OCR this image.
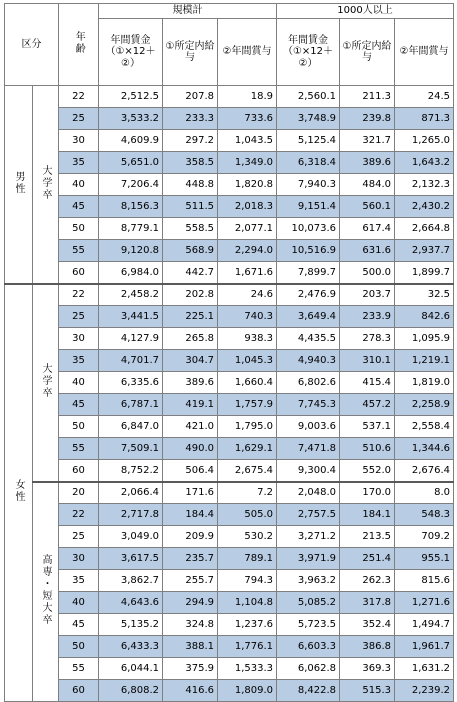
区分		年齢	規模計			1000人以上		
			年間賃金（①×12＋②）	①所定内給与	②年間賞与	年間賃金（①×12＋②）	①所定内給与	②年間賞与
男性	大学卒	22	2,512.5	207.8	18.9	2,560.1	211.3	24.5
		25	3,533.2	233.3	733.6	3,748.9	239.8	871.3
		30	4,609.9	297.2	1,043.5	5,125.4	321.7	1,265.0
		35	5,651.0	358.5	1,349.0	6,318.4	389.6	1,643.2
		40	7,206.4	448.8	1,820.8	7,940.3	484.0	2,132.3
		45	8,156.3	511.5	2,018.3	9,151.4	560.1	2,430.2
		50	8,779.1	558.5	2,077.1	10,073.6	617.4	2,664.8
		55	9,120.8	568.9	2,294.0	10,516.9	631.6	2,937.7
		60	6,984.0	442.7	1,671.6	7,899.7	500.0	1,899.7
女性	大学卒	22	2,458.2	202.8	24.6	2,476.9	203.7	32.5
		25	3,441.5	225.1	740.3	3,649.4	233.9	842.6
		30	4,127.9	265.8	938.3	4,435.5	278.3	1,095.9
		35	4,701.7	304.7	1,045.3	4,940.3	310.1	1,219.1
		40	6,335.6	389.6	1,660.4	6,802.6	415.4	1,819.0
		45	6,787.1	419.1	1,757.9	7,745.3	457.2	2,258.9
		50	6,847.0	421.0	1,795.0	9,003.6	537.1	2,558.4
		55	7,509.1	490.0	1,629.1	7,471.8	510.6	1,344.6
		60	8,752.2	506.4	2,675.4	9,300.4	552.0	2,676.4
	高専・短大卒	20	2,066.4	171.6	7.2	2,048.0	170.0	8.0
		22	2,717.8	184.4	505.0	2,757.5	184.1	548.3
		25	3,049.0	209.9	530.2	3,271.2	213.5	709.2
		30	3,617.5	235.7	789.1	3,971.9	251.4	955.1
		35	3,862.7	255.7	794.3	3,963.2	262.3	815.6
		40	4,643.6	294.9	1,104.8	5,085.2	317.8	1,271.6
		45	5,135.2	324.8	1,237.6	5,723.5	352.4	1,494.7
		50	6,433.3	388.1	1,776.1	6,603.3	386.8	1,961.7
		55	6,044.1	375.9	1,533.3	6,062.8	369.3	1,631.2
		60	6,808.2	416.6	1,809.0	8,422.8	515.3	2,239.2
